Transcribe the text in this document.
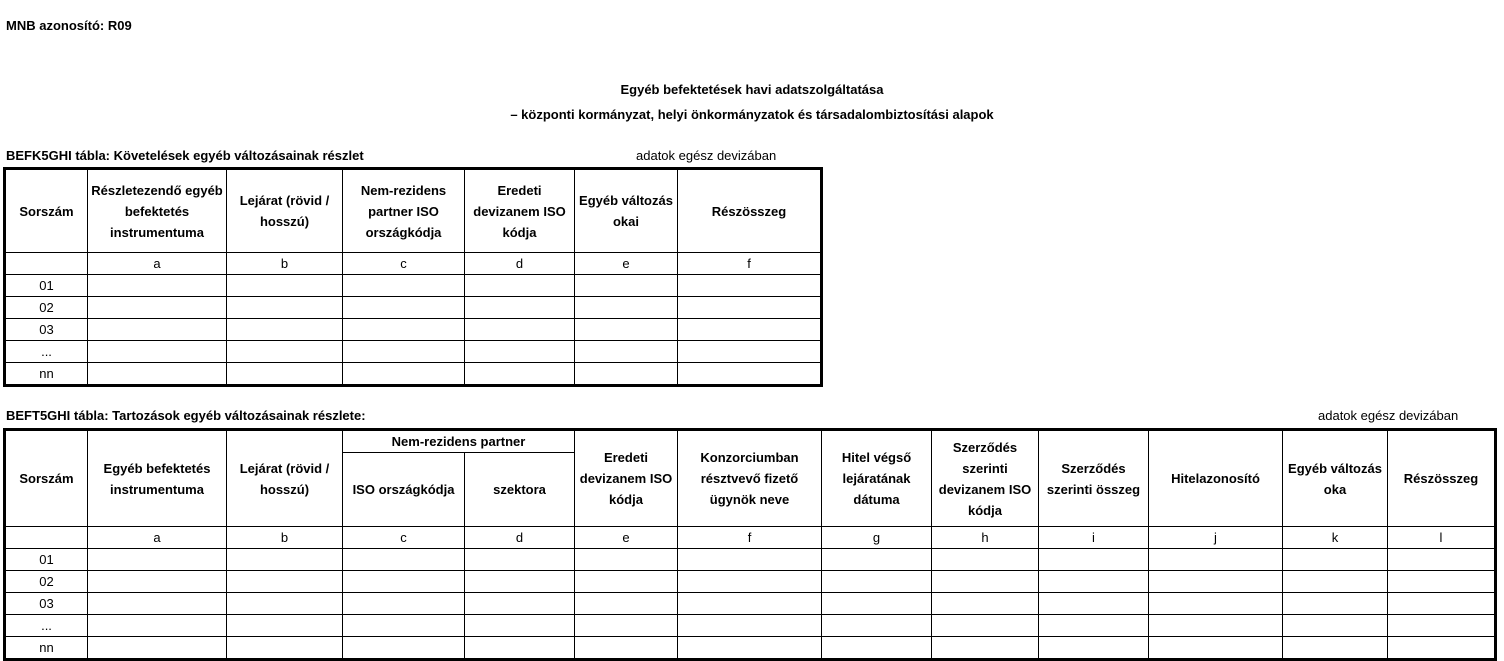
MNB azonosító: R09
Egyéb befektetések havi adatszolgáltatása
– központi kormányzat, helyi önkormányzatok és társadalombiztosítási alapok
BEFK5GHI tábla: Követelések egyéb változásainak részlet	adatok egész devizában
Sorszám	Részletezendő egyéb befektetés instrumentuma	Lejárat (rövid / hosszú)	Nem-rezidens partner ISO országkódja	Eredeti devizanem ISO kódja	Egyéb változás okai	Részösszeg
	a	b	c	d	e	f
01						
02						
03						
...						
nn						
BEFT5GHI tábla: Tartozások egyéb változásainak részlete:	adatok egész devizában
Sorszám	Egyéb befektetés instrumentuma	Lejárat (rövid / hosszú)	Nem-rezidens partner		Eredeti devizanem ISO kódja	Konzorciumban résztvevő fizető ügynök neve	Hitel végső lejáratának dátuma	Szerződés szerinti devizanem ISO kódja	Szerződés szerinti összeg	Hitelazonosító	Egyéb változás oka	Részösszeg
			ISO országkódja	szektora								
	a	b	c	d	e	f	g	h	i	j	k	l
01												
02												
03												
...												
nn												
